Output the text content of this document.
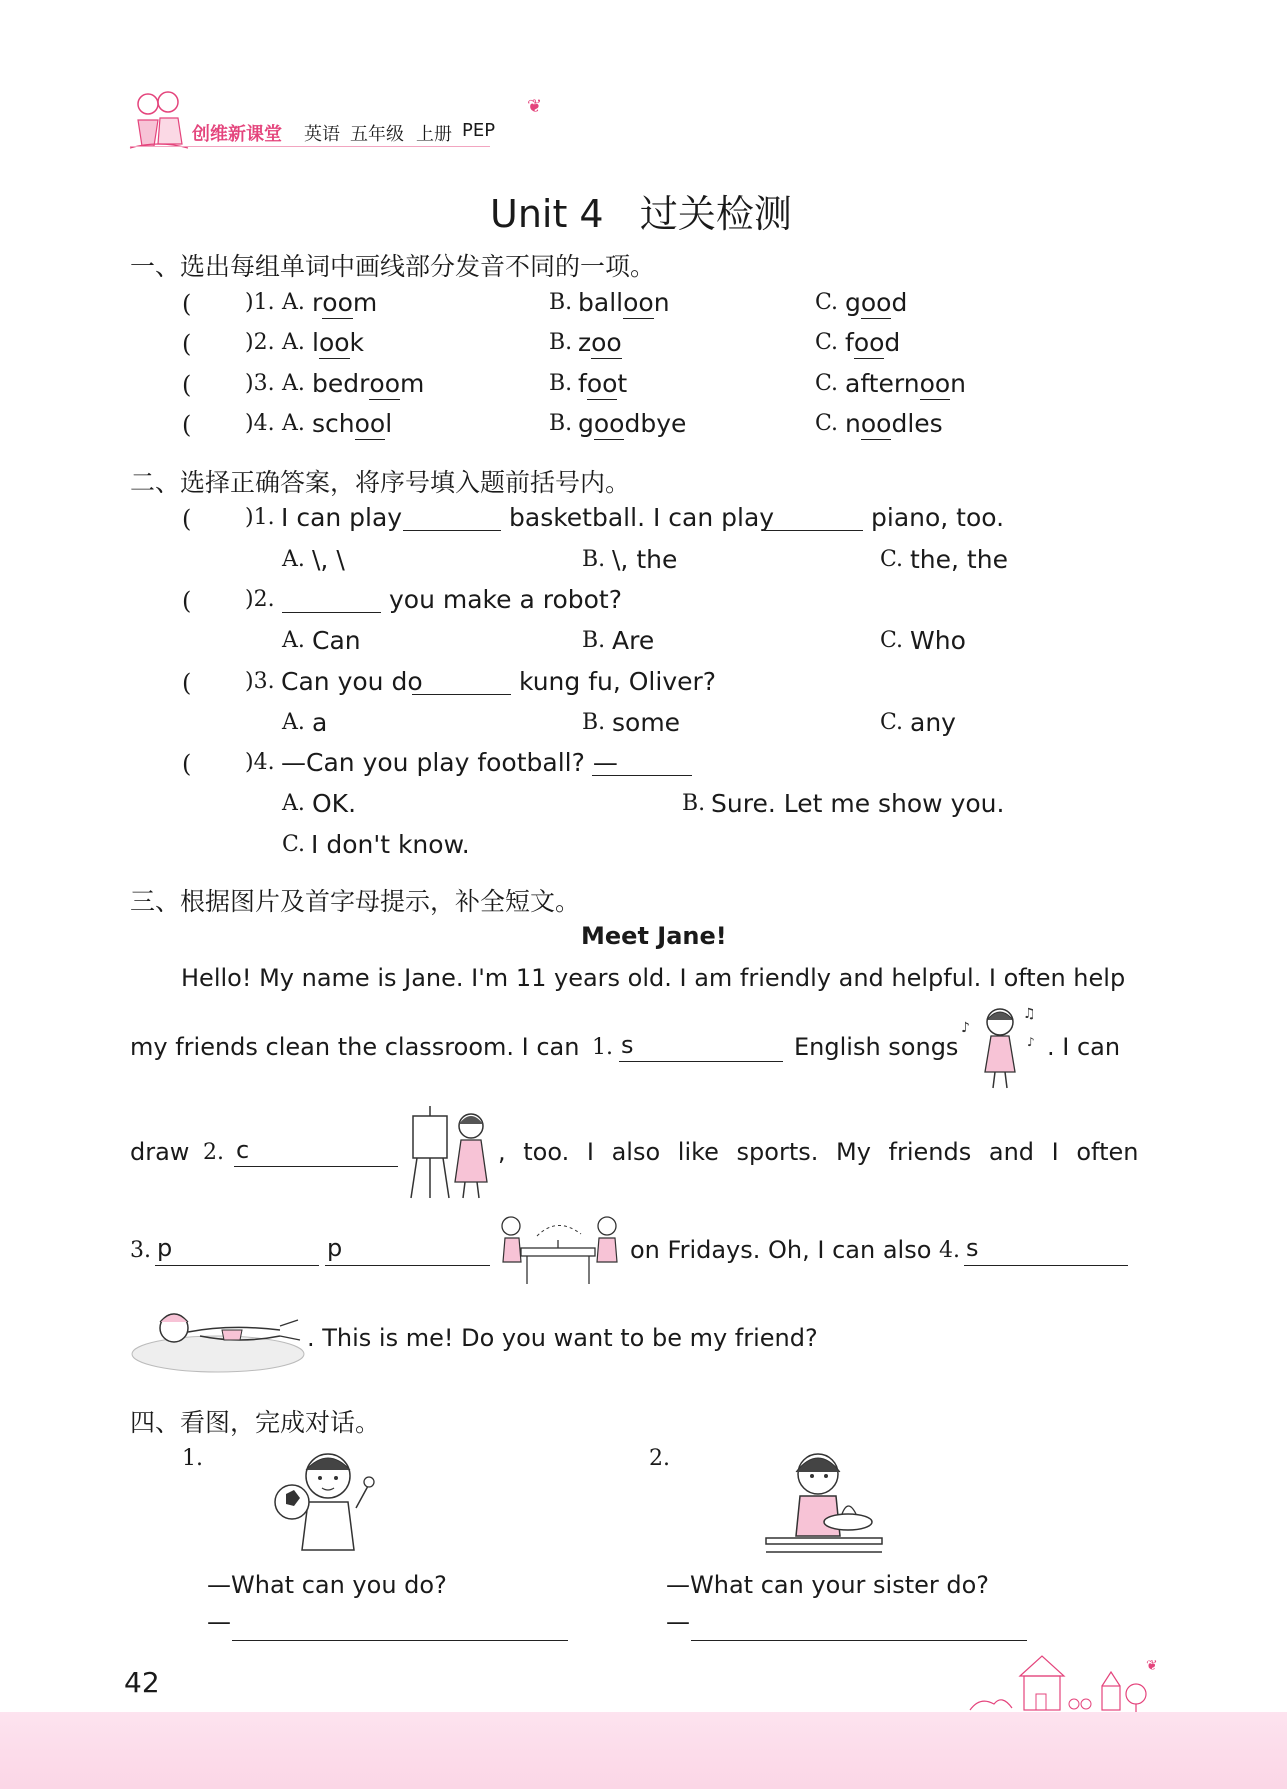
创维新课堂 英语 五年级 上册 PEP
❦
Unit 4   过关检测
一、选出每组单词中画线部分发音不同的一项。
( )1. A. room	B. balloon	C. good
( )2. A. look	B. zoo	C. food
( )3. A. bedroom	B. foot	C. afternoon
( )4. A. school	B. goodbye	C. noodles
二、选择正确答案，将序号填入题前括号内。
( )1. I can play	basketball. I can play	piano, too.
A. \, \	B. \, the	C. the, the
( )2.	you make a robot?
A. Can	B. Are	C. Who
( )3. Can you do	kung fu, Oliver?
A. a	B. some	C. any
( )4. —Can you play football? —
A. OK.	B. Sure. Let me show you.
C. I don't know.
三、根据图片及首字母提示，补全短文。
Meet Jane!
Hello! My name is Jane. I'm 11 years old. I am friendly and helpful. I often help
my friends clean the classroom. I can 1. s	English songs
♪
♫
♪ . I can
draw 2. c	, too. I also like sports. My friends and I often
3. p	p	on Fridays. Oh, I can also 4. s
. This is me! Do you want to be my friend?
四、看图，完成对话。
1.
—What can you do?
—
2.
—What can your sister do?
—
42	❦
